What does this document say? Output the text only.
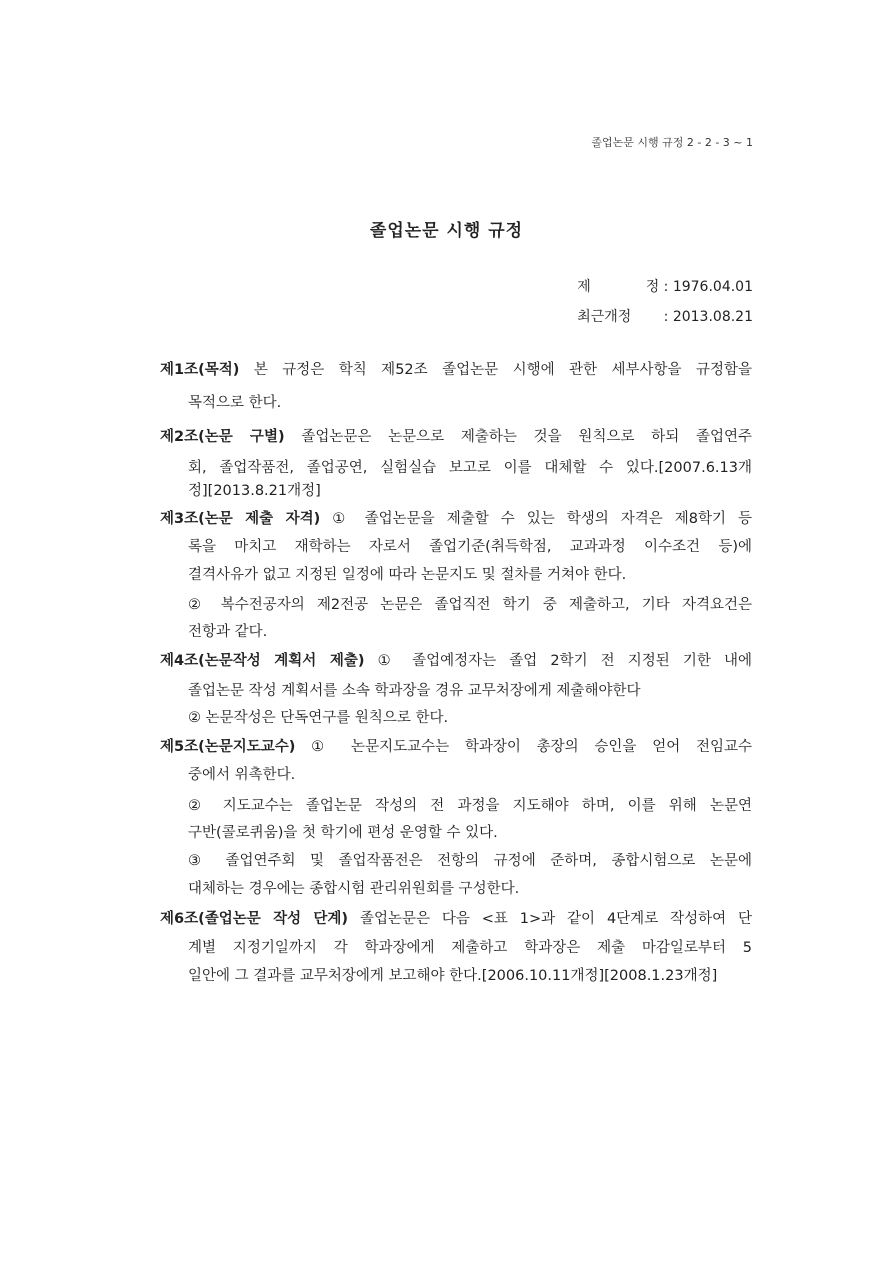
졸업논문 시행 규정 2 - 2 - 3 ~ 1
졸업논문 시행 규정
제 정 : 1976.04.01
최근개정 : 2013.08.21
제1조(목적) 본 규정은 학칙 제52조 졸업논문 시행에 관한 세부사항을 규정함을
목적으로 한다.
제2조(논문 구별) 졸업논문은 논문으로 제출하는 것을 원칙으로 하되 졸업연주
회, 졸업작품전, 졸업공연, 실험실습 보고로 이를 대체할 수 있다.[2007.6.13개
정][2013.8.21개정]
제3조(논문 제출 자격) ① 졸업논문을 제출할 수 있는 학생의 자격은 제8학기 등
록을 마치고 재학하는 자로서 졸업기준(취득학점, 교과과정 이수조건 등)에
결격사유가 없고 지정된 일정에 따라 논문지도 및 절차를 거쳐야 한다.
② 복수전공자의 제2전공 논문은 졸업직전 학기 중 제출하고, 기타 자격요건은
전항과 같다.
제4조(논문작성 계획서 제출) ① 졸업예정자는 졸업 2학기 전 지정된 기한 내에
졸업논문 작성 계획서를 소속 학과장을 경유 교무처장에게 제출해야한다
② 논문작성은 단독연구를 원칙으로 한다.
제5조(논문지도교수) ① 논문지도교수는 학과장이 총장의 승인을 얻어 전임교수
중에서 위촉한다.
② 지도교수는 졸업논문 작성의 전 과정을 지도해야 하며, 이를 위해 논문연
구반(콜로퀴움)을 첫 학기에 편성 운영할 수 있다.
③ 졸업연주회 및 졸업작품전은 전항의 규정에 준하며, 종합시험으로 논문에
대체하는 경우에는 종합시험 관리위원회를 구성한다.
제6조(졸업논문 작성 단계) 졸업논문은 다음 <표 1>과 같이 4단계로 작성하여 단
계별 지정기일까지 각 학과장에게 제출하고 학과장은 제출 마감일로부터 5
일안에 그 결과를 교무처장에게 보고해야 한다.[2006.10.11개정][2008.1.23개정]
